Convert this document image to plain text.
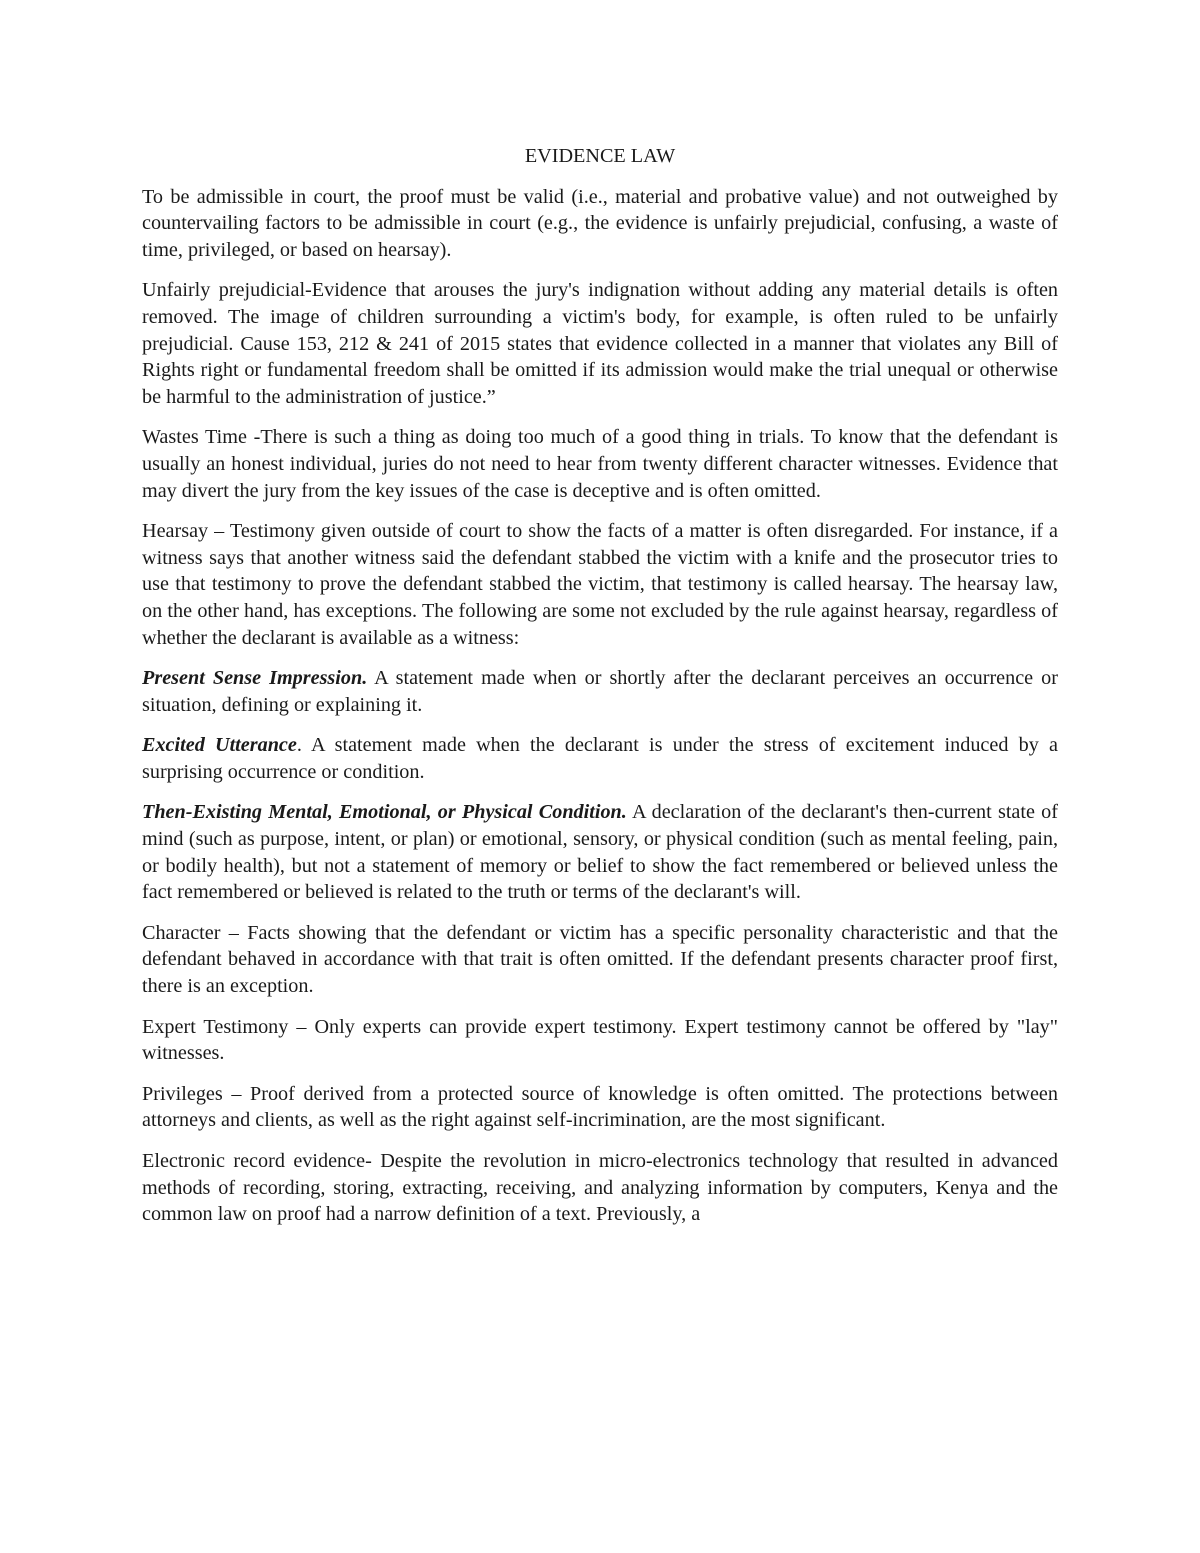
EVIDENCE LAW

To be admissible in court, the proof must be valid (i.e., material and probative value) and not outweighed by countervailing factors to be admissible in court (e.g., the evidence is unfairly prejudicial, confusing, a waste of time, privileged, or based on hearsay).

Unfairly prejudicial-Evidence that arouses the jury's indignation without adding any material details is often removed. The image of children surrounding a victim's body, for example, is often ruled to be unfairly prejudicial. Cause 153, 212 & 241 of 2015 states that evidence collected in a manner that violates any Bill of Rights right or fundamental freedom shall be omitted if its admission would make the trial unequal or otherwise be harmful to the administration of justice.”

Wastes Time -There is such a thing as doing too much of a good thing in trials. To know that the defendant is usually an honest individual, juries do not need to hear from twenty different character witnesses. Evidence that may divert the jury from the key issues of the case is deceptive and is often omitted.

Hearsay – Testimony given outside of court to show the facts of a matter is often disregarded. For instance, if a witness says that another witness said the defendant stabbed the victim with a knife and the prosecutor tries to use that testimony to prove the defendant stabbed the victim, that testimony is called hearsay. The hearsay law, on the other hand, has exceptions. The following are some not excluded by the rule against hearsay, regardless of whether the declarant is available as a witness:

Present Sense Impression. A statement made when or shortly after the declarant perceives an occurrence or situation, defining or explaining it.

Excited Utterance. A statement made when the declarant is under the stress of excitement induced by a surprising occurrence or condition.

Then-Existing Mental, Emotional, or Physical Condition. A declaration of the declarant's then-current state of mind (such as purpose, intent, or plan) or emotional, sensory, or physical condition (such as mental feeling, pain, or bodily health), but not a statement of memory or belief to show the fact remembered or believed unless the fact remembered or believed is related to the truth or terms of the declarant's will.

Character – Facts showing that the defendant or victim has a specific personality characteristic and that the defendant behaved in accordance with that trait is often omitted. If the defendant presents character proof first, there is an exception.

Expert Testimony – Only experts can provide expert testimony. Expert testimony cannot be offered by "lay" witnesses.

Privileges – Proof derived from a protected source of knowledge is often omitted. The protections between attorneys and clients, as well as the right against self-incrimination, are the most significant.

Electronic record evidence- Despite the revolution in micro-electronics technology that resulted in advanced methods of recording, storing, extracting, receiving, and analyzing information by computers, Kenya and the common law on proof had a narrow definition of a text. Previously, a
